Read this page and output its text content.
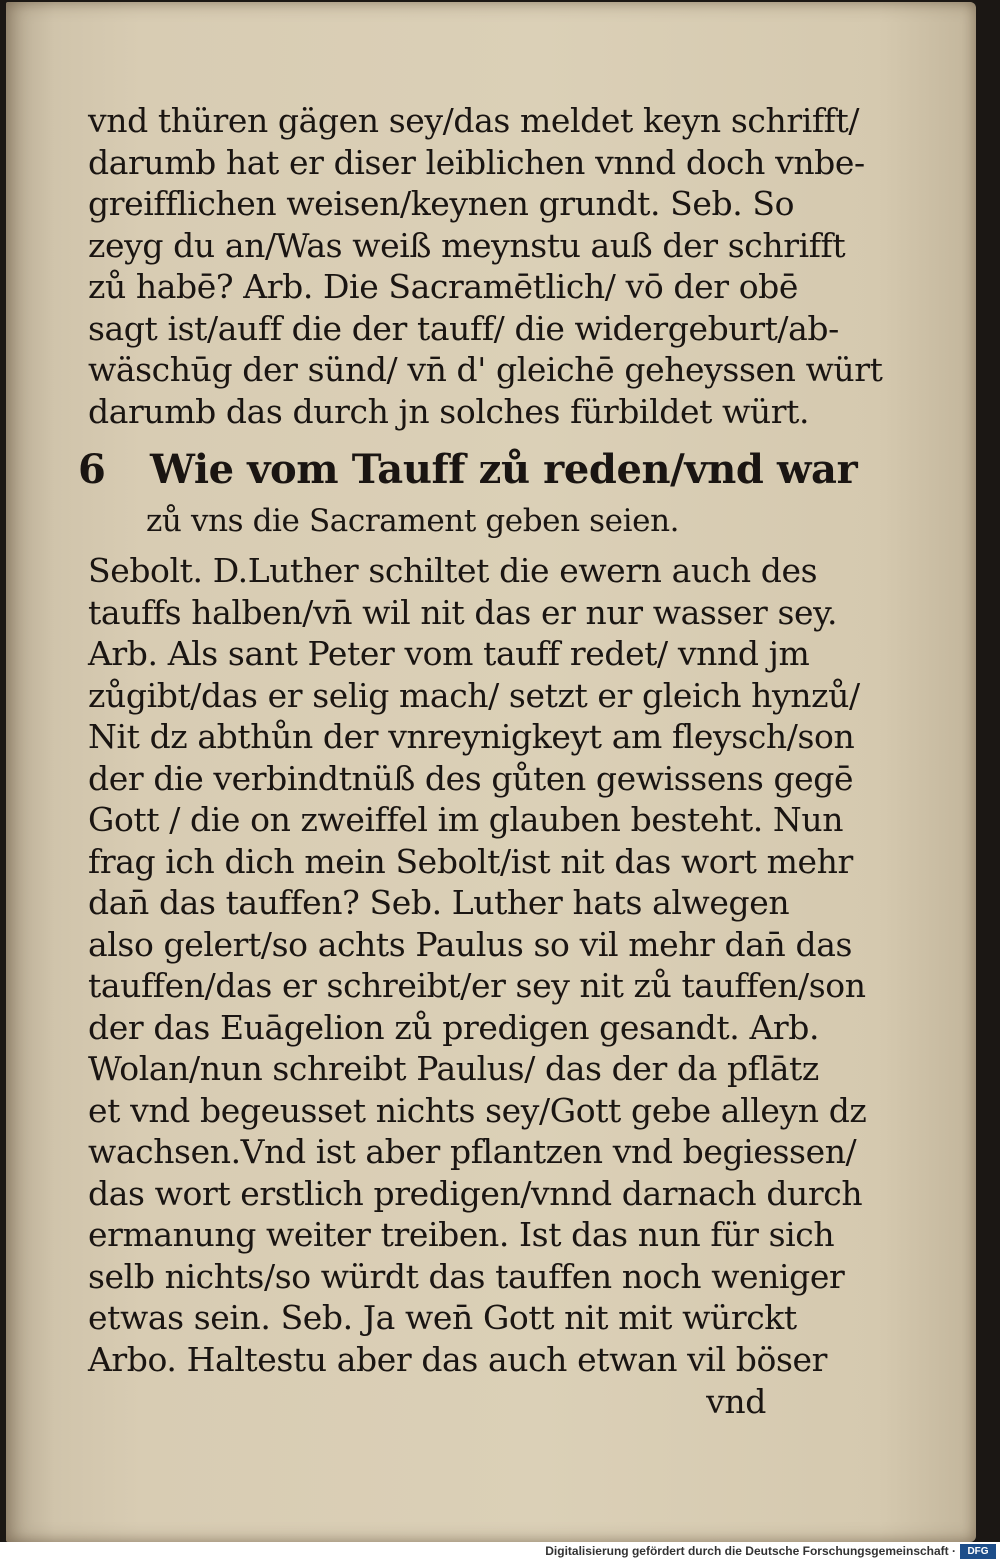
vnd thüren gägen sey/das meldet keyn schrifft/
darumb hat er diser leiblichen vnnd doch vnbe-
greifflichen weisen/keynen grundt. Seb. So
zeyg du an/Was weiß meynstu auß der schrifft
zů habē? Arb. Die Sacramētlich/ vō der obē
sagt ist/auff die der tauff/ die widergeburt/ab-
wäschūg der sünd/ vn̄ d' gleichē geheyssen würt
darumb das durch jn solches fürbildet würt.
6 Wie vom Tauff zů reden/vnd war
zů vns die Sacrament geben seien.
Sebolt. D.Luther schiltet die ewern auch des
tauffs halben/vn̄ wil nit das er nur wasser sey.
Arb. Als sant Peter vom tauff redet/ vnnd jm
zůgibt/das er selig mach/ setzt er gleich hynzů/
Nit dz abthůn der vnreynigkeyt am fleysch/son
der die verbindtnüß des gůten gewissens gegē
Gott / die on zweiffel im glauben besteht. Nun
frag ich dich mein Sebolt/ist nit das wort mehr
dan̄ das tauffen? Seb. Luther hats alwegen
also gelert/so achts Paulus so vil mehr dan̄ das
tauffen/das er schreibt/er sey nit zů tauffen/son
der das Euāgelion zů predigen gesandt. Arb.
Wolan/nun schreibt Paulus/ das der da pflātz
et vnd begeusset nichts sey/Gott gebe alleyn dz
wachsen.Vnd ist aber pflantzen vnd begiessen/
das wort erstlich predigen/vnnd darnach durch
ermanung weiter treiben. Ist das nun für sich
selb nichts/so würdt das tauffen noch weniger
etwas sein. Seb. Ja wen̄ Gott nit mit würckt
Arbo. Haltestu aber das auch etwan vil böser
vnd
Digitalisierung gefördert durch die Deutsche Forschungsgemeinschaft ·	DFG
